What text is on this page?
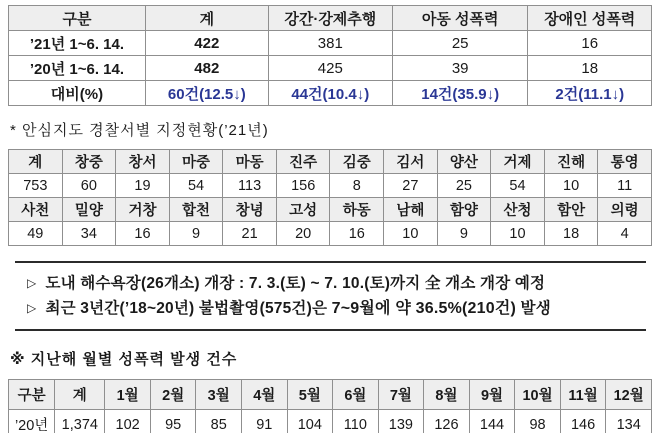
구분	계	강간·강제추행	아동 성폭력	장애인 성폭력
’21년 1~6. 14.	422	381	25	16
’20년 1~6. 14.	482	425	39	18
대비(%)	60건(12.5↓)	44건(10.4↓)	14건(35.9↓)	2건(11.1↓)
* 안심지도 경찰서별 지정현황(’21년)
계	창중	창서	마중	마동	진주	김중	김서	양산	거제	진해	통영
753	60	19	54	113	156	8	27	25	54	10	11
사천	밀양	거창	합천	창녕	고성	하동	남해	함양	산청	함안	의령
49	34	16	9	21	20	16	10	9	10	18	4
▷ 도내 해수욕장(26개소) 개장 : 7. 3.(토) ~ 7. 10.(토)까지 全 개소 개장 예정
▷ 최근 3년간(’18~20년) 불법촬영(575건)은 7~9월에 약 36.5%(210건) 발생
※ 지난해 월별 성폭력 발생 건수
구분	계	1월	2월	3월	4월	5월	6월	7월	8월	9월	10월	11월	12월
’20년	1,374	102	95	85	91	104	110	139	126	144	98	146	134
